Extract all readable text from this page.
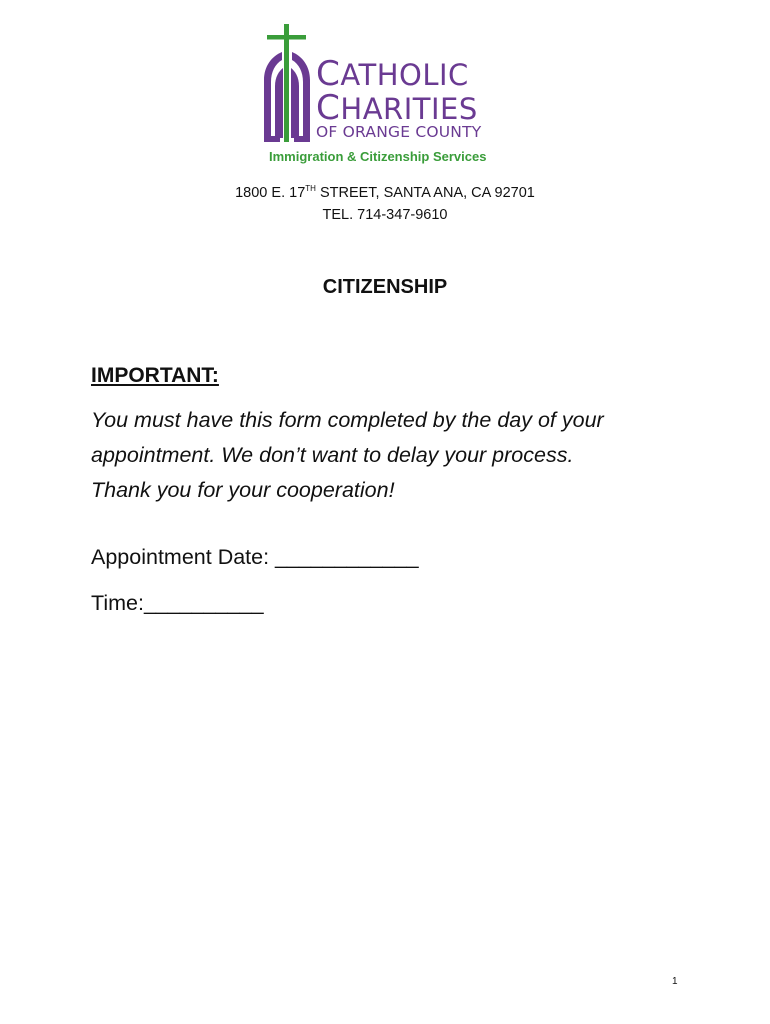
CATHOLIC
CHARITIES
OF ORANGE COUNTY
Immigration & Citizenship Services
1800 E. 17TH STREET, SANTA ANA, CA 92701
TEL. 714-347-9610
CITIZENSHIP
IMPORTANT:
You must have this form completed by the day of your
appointment. We don’t want to delay your process.
Thank you for your cooperation!
Appointment Date: ____________
Time:__________
1
